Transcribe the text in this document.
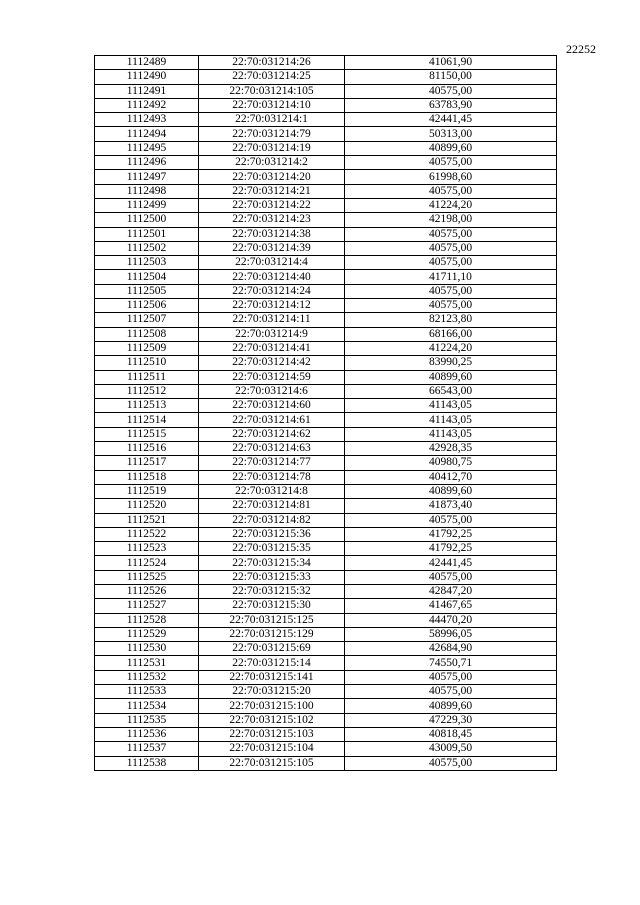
22252
1112489	22:70:031214:26	41061,90
1112490	22:70:031214:25	81150,00
1112491	22:70:031214:105	40575,00
1112492	22:70:031214:10	63783,90
1112493	22:70:031214:1	42441,45
1112494	22:70:031214:79	50313,00
1112495	22:70:031214:19	40899,60
1112496	22:70:031214:2	40575,00
1112497	22:70:031214:20	61998,60
1112498	22:70:031214:21	40575,00
1112499	22:70:031214:22	41224,20
1112500	22:70:031214:23	42198,00
1112501	22:70:031214:38	40575,00
1112502	22:70:031214:39	40575,00
1112503	22:70:031214:4	40575,00
1112504	22:70:031214:40	41711,10
1112505	22:70:031214:24	40575,00
1112506	22:70:031214:12	40575,00
1112507	22:70:031214:11	82123,80
1112508	22:70:031214:9	68166,00
1112509	22:70:031214:41	41224,20
1112510	22:70:031214:42	83990,25
1112511	22:70:031214:59	40899,60
1112512	22:70:031214:6	66543,00
1112513	22:70:031214:60	41143,05
1112514	22:70:031214:61	41143,05
1112515	22:70:031214:62	41143,05
1112516	22:70:031214:63	42928,35
1112517	22:70:031214:77	40980,75
1112518	22:70:031214:78	40412,70
1112519	22:70:031214:8	40899,60
1112520	22:70:031214:81	41873,40
1112521	22:70:031214:82	40575,00
1112522	22:70:031215:36	41792,25
1112523	22:70:031215:35	41792,25
1112524	22:70:031215:34	42441,45
1112525	22:70:031215:33	40575,00
1112526	22:70:031215:32	42847,20
1112527	22:70:031215:30	41467,65
1112528	22:70:031215:125	44470,20
1112529	22:70:031215:129	58996,05
1112530	22:70:031215:69	42684,90
1112531	22:70:031215:14	74550,71
1112532	22:70:031215:141	40575,00
1112533	22:70:031215:20	40575,00
1112534	22:70:031215:100	40899,60
1112535	22:70:031215:102	47229,30
1112536	22:70:031215:103	40818,45
1112537	22:70:031215:104	43009,50
1112538	22:70:031215:105	40575,00
